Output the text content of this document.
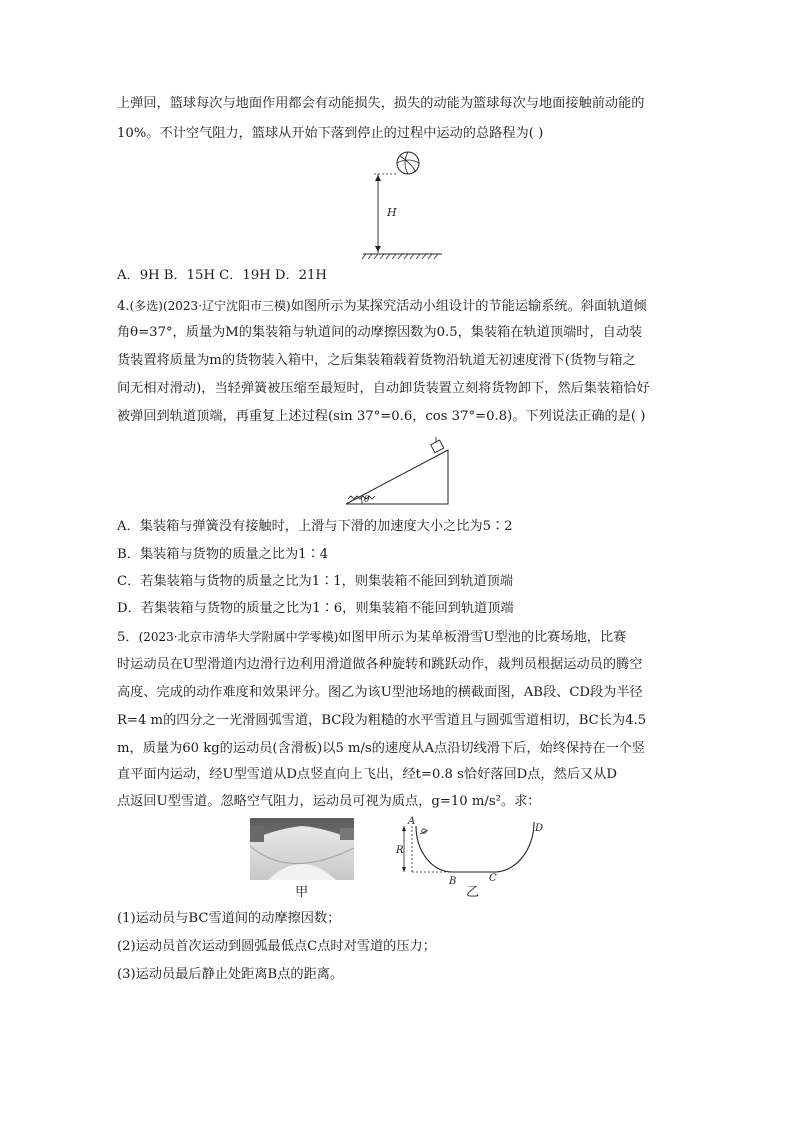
上弹回，篮球每次与地面作用都会有动能损失，损失的动能为篮球每次与地面接触前动能的
10%。不计空气阻力，篮球从开始下落到停止的过程中运动的总路程为( )
H
A．9H B．15H C．19H D．21H
4.(多选)(2023·辽宁沈阳市三模)如图所示为某探究活动小组设计的节能运输系统。斜面轨道倾
角θ=37°，质量为M的集装箱与轨道间的动摩擦因数为0.5，集装箱在轨道顶端时，自动装
货装置将质量为m的货物装入箱中，之后集装箱载着货物沿轨道无初速度滑下(货物与箱之
间无相对滑动)，当轻弹簧被压缩至最短时，自动卸货装置立刻将货物卸下，然后集装箱恰好
被弹回到轨道顶端，再重复上述过程(sin 37°=0.6，cos 37°=0.8)。下列说法正确的是( )
θ
A．集装箱与弹簧没有接触时，上滑与下滑的加速度大小之比为5∶2
B．集装箱与货物的质量之比为1∶4
C．若集装箱与货物的质量之比为1∶1，则集装箱不能回到轨道顶端
D．若集装箱与货物的质量之比为1∶6，则集装箱不能回到轨道顶端
5．(2023·北京市清华大学附属中学零模)如图甲所示为某单板滑雪U型池的比赛场地，比赛
时运动员在U型滑道内边滑行边利用滑道做各种旋转和跳跃动作，裁判员根据运动员的腾空
高度、完成的动作难度和效果评分。图乙为该U型池场地的横截面图，AB段、CD段为半径
R=4 m的四分之一光滑圆弧雪道，BC段为粗糙的水平雪道且与圆弧雪道相切，BC长为4.5
m，质量为60 kg的运动员(含滑板)以5 m/s的速度从A点沿切线滑下后，始终保持在一个竖
直平面内运动，经U型雪道从D点竖直向上飞出，经t=0.8 s恰好落回D点，然后又从D
点返回U型雪道。忽略空气阻力，运动员可视为质点，g=10 m/s²。求：
甲
A
R
B	C
D
乙
(1)运动员与BC雪道间的动摩擦因数；
(2)运动员首次运动到圆弧最低点C点时对雪道的压力；
(3)运动员最后静止处距离B点的距离。
